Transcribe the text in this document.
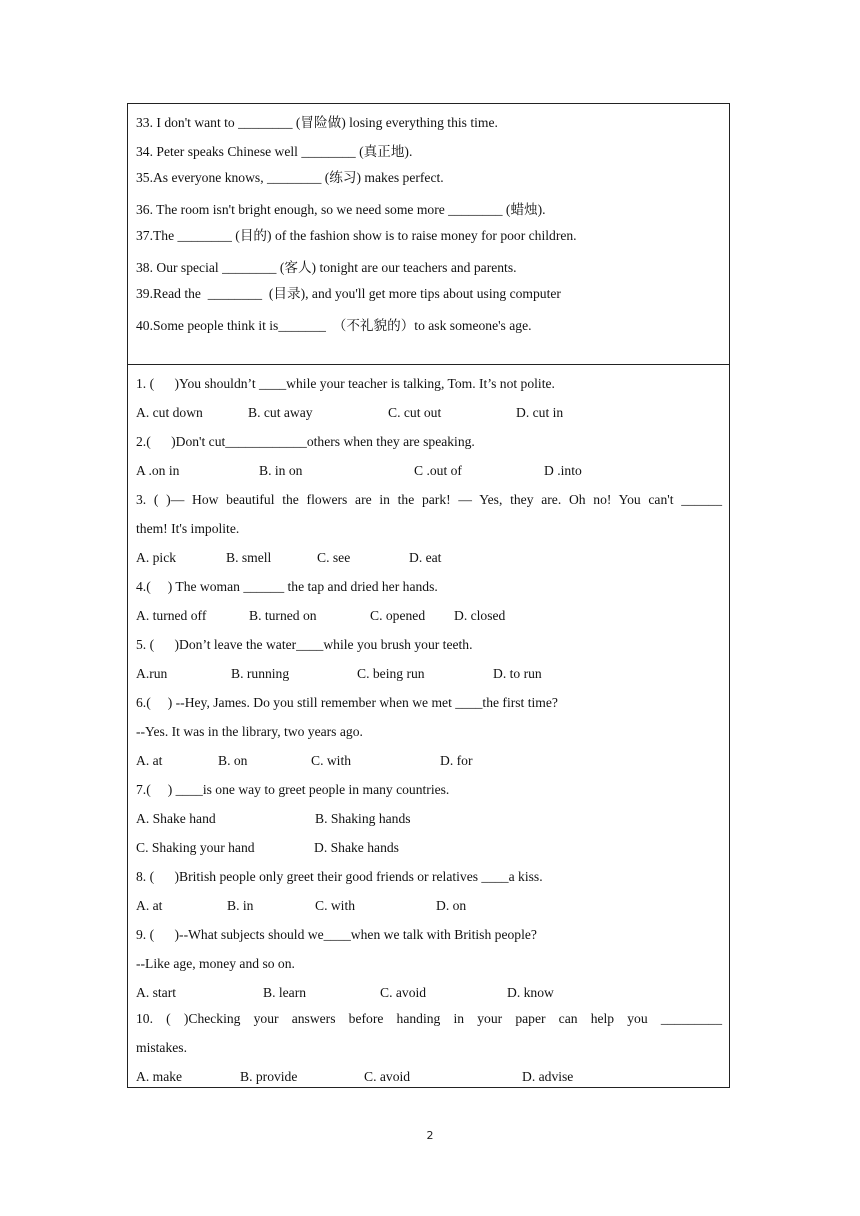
33. I don't want to ________ (冒险做) losing everything this time.
34. Peter speaks Chinese well ________ (真正地).
35.As everyone knows, ________ (练习) makes perfect.
36. The room isn't bright enough, so we need some more ________ (蜡烛).
37.The ________ (目的) of the fashion show is to raise money for poor children.
38. Our special ________ (客人) tonight are our teachers and parents.
39.Read the  ________  (目录), and you'll get more tips about using computer
40.Some people think it is_______  （不礼貌的）to ask someone's age.
1. (      )You shouldn’t ____while your teacher is talking, Tom. It’s not polite.
A. cut down	B. cut away	C. cut out	D. cut in
2.(      )Don't cut____________others when they are speaking.
A .on in	B. in on	C .out of	D .into
3. ( )— How beautiful the flowers are in the park! — Yes, they are. Oh no! You can't ______
them! It's impolite.
A. pick	B. smell	C. see	D. eat
4.(     ) The woman ______ the tap and dried her hands.
A. turned off	B. turned on	C. opened D. closed
5. (      )Don’t leave the water____while you brush your teeth.
A.run	B. running	C. being run	D. to run
6.(     ) --Hey, James. Do you still remember when we met ____the first time?
--Yes. It was in the library, two years ago.
A. at	B. on	C. with	D. for
7.(     ) ____is one way to greet people in many countries.
A. Shake hand	B. Shaking hands
C. Shaking your hand	D. Shake hands
8. (      )British people only greet their good friends or relatives ____a kiss.
A. at	B. in	C. with	D. on
9. (      )--What subjects should we____when we talk with British people?
--Like age, money and so on.
A. start	B. learn	C. avoid	D. know
10. ( )Checking your answers before handing in your paper can help you _________
mistakes.
A. make	B. provide	C. avoid	D. advise
2
